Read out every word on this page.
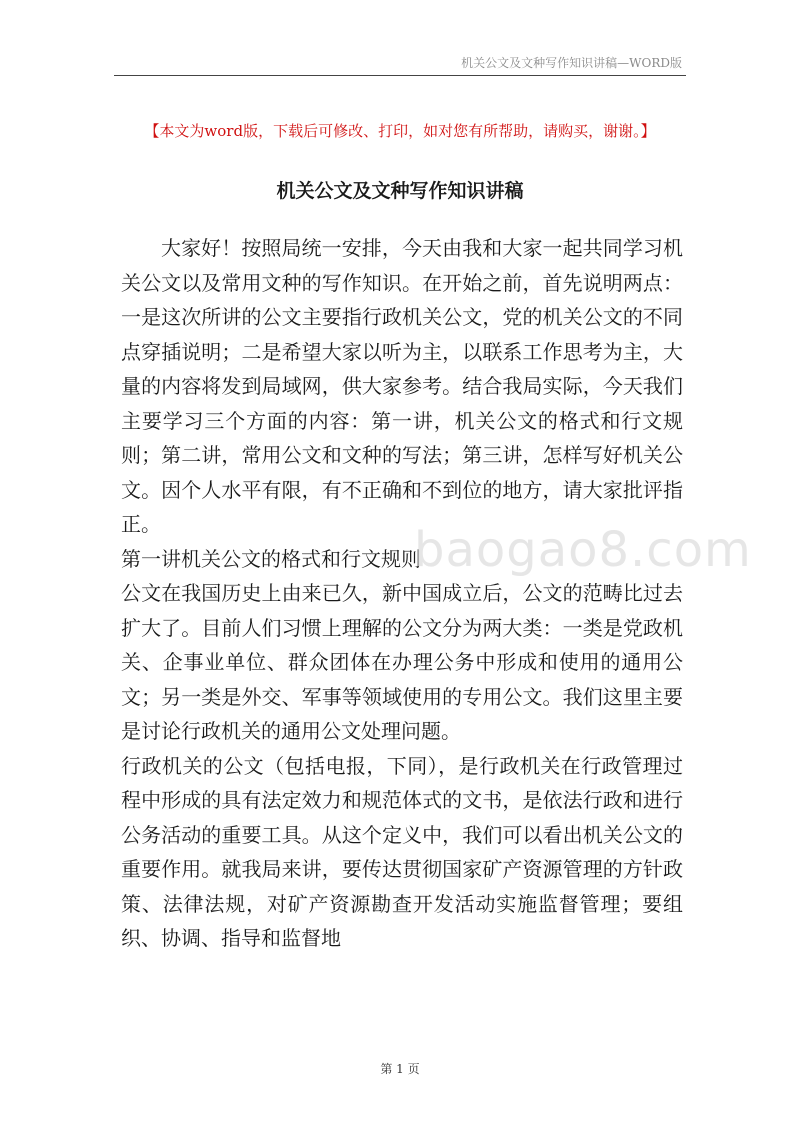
机关公文及文种写作知识讲稿—WORD版
【本文为word版，下载后可修改、打印，如对您有所帮助，请购买，谢谢。】
机关公文及文种写作知识讲稿

大家好！按照局统一安排，今天由我和大家一起共同学习机关公文以及常用文种的写作知识。在开始之前，首先说明两点：一是这次所讲的公文主要指行政机关公文，党的机关公文的不同点穿插说明；二是希望大家以听为主，以联系工作思考为主，大量的内容将发到局域网，供大家参考。结合我局实际，今天我们主要学习三个方面的内容：第一讲，机关公文的格式和行文规则；第二讲，常用公文和文种的写法；第三讲，怎样写好机关公文。因个人水平有限，有不正确和不到位的地方，请大家批评指正。

第一讲机关公文的格式和行文规则

公文在我国历史上由来已久，新中国成立后，公文的范畴比过去扩大了。目前人们习惯上理解的公文分为两大类：一类是党政机关、企事业单位、群众团体在办理公务中形成和使用的通用公文；另一类是外交、军事等领域使用的专用公文。我们这里主要是讨论行政机关的通用公文处理问题。

行政机关的公文（包括电报，下同），是行政机关在行政管理过程中形成的具有法定效力和规范体式的文书，是依法行政和进行公务活动的重要工具。从这个定义中，我们可以看出机关公文的重要作用。就我局来讲，要传达贯彻国家矿产资源管理的方针政策、法律法规，对矿产资源勘查开发活动实施监督管理；要组织、协调、指导和监督地

baogao8.com
第 1 页
